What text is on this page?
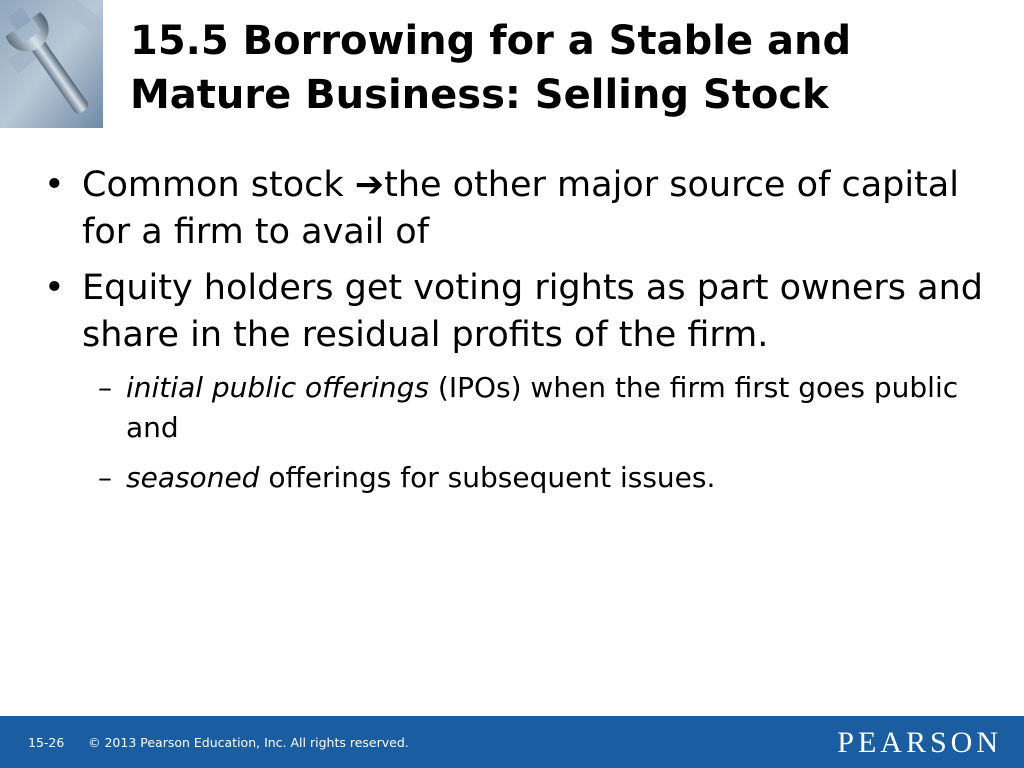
15.5 Borrowing for a Stable and
Mature Business: Selling Stock
• Common stock ➔the other major source of capital for a firm to avail of
• Equity holders get voting rights as part owners and share in the residual profits of the firm.
– initial public offerings (IPOs) when the firm first goes public and
– seasoned offerings for subsequent issues.
15-26 © 2013 Pearson Education, Inc. All rights reserved.	PEARSON
